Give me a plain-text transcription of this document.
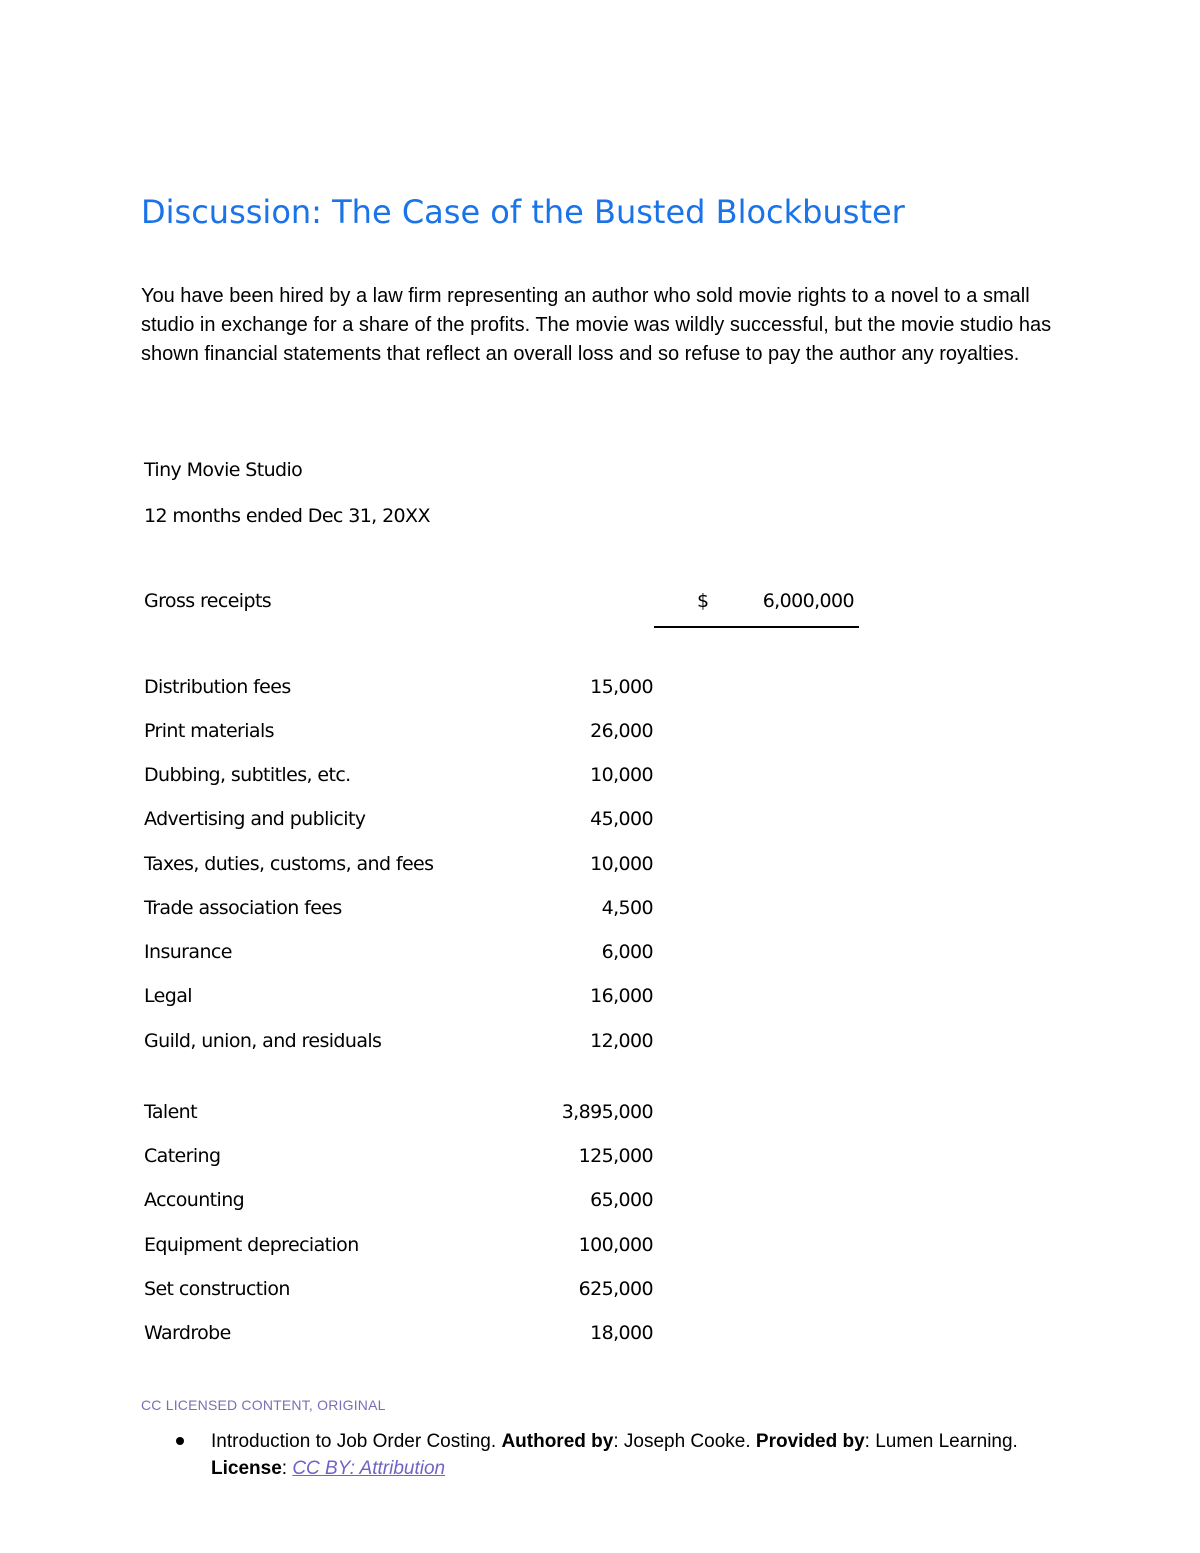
Discussion: The Case of the Busted Blockbuster

You have been hired by a law firm representing an author who sold movie rights to a novel to a small studio in exchange for a share of the profits. The movie was wildly successful, but the movie studio has shown financial statements that reflect an overall loss and so refuse to pay the author any royalties.

Tiny Movie Studio

12 months ended Dec 31, 20XX

Gross receipts	$	6,000,000
Distribution fees	15,000
Print materials	26,000
Dubbing, subtitles, etc.	10,000
Advertising and publicity	45,000
Taxes, duties, customs, and fees	10,000
Trade association fees	4,500
Insurance	6,000
Legal	16,000
Guild, union, and residuals	12,000
Talent	3,895,000
Catering	125,000
Accounting	65,000
Equipment depreciation	100,000
Set construction	625,000
Wardrobe	18,000

CC LICENSED CONTENT, ORIGINAL

Introduction to Job Order Costing. Authored by: Joseph Cooke. Provided by: Lumen Learning. License: CC BY: Attribution
